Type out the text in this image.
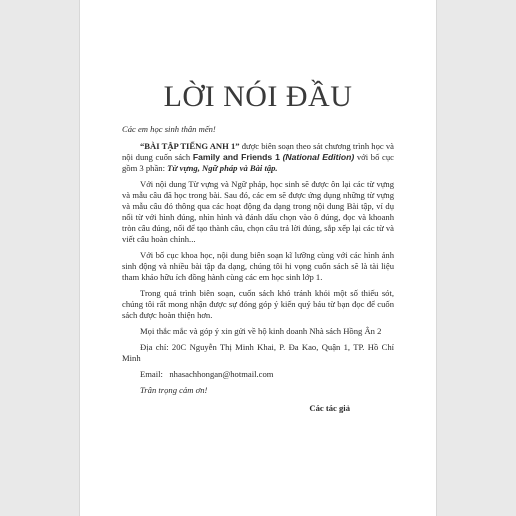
LỜI NÓI ĐẦU

Các em học sinh thân mến!

“BÀI TẬP TIẾNG ANH 1” được biên soạn theo sát chương trình học và nội dung cuốn sách Family and Friends 1 (National Edition) với bố cục gồm 3 phần: Từ vựng, Ngữ pháp và Bài tập.

Với nội dung Từ vựng và Ngữ pháp, học sinh sẽ được ôn lại các từ vựng và mẫu câu đã học trong bài. Sau đó, các em sẽ được ứng dụng những từ vựng và mẫu câu đó thông qua các hoạt động đa dạng trong nội dung Bài tập, ví dụ nối từ với hình đúng, nhìn hình và đánh dấu chọn vào ô đúng, đọc và khoanh tròn câu đúng, nối để tạo thành câu, chọn câu trả lời đúng, sắp xếp lại các từ và viết câu hoàn chỉnh...

Với bố cục khoa học, nội dung biên soạn kĩ lưỡng cùng với các hình ảnh sinh động và nhiều bài tập đa dạng, chúng tôi hi vọng cuốn sách sẽ là tài liệu tham khảo hữu ích đồng hành cùng các em học sinh lớp 1.

Trong quá trình biên soạn, cuốn sách khó tránh khỏi một số thiếu sót, chúng tôi rất mong nhận được sự đóng góp ý kiến quý báu từ bạn đọc để cuốn sách được hoàn thiện hơn.

Mọi thắc mắc và góp ý xin gửi về hộ kinh doanh Nhà sách Hồng Ân 2

Địa chỉ: 20C Nguyễn Thị Minh Khai, P. Đa Kao, Quận 1, TP. Hồ Chí Minh

Email: nhasachhongan@hotmail.com

Trân trọng cảm ơn!

Các tác giả
